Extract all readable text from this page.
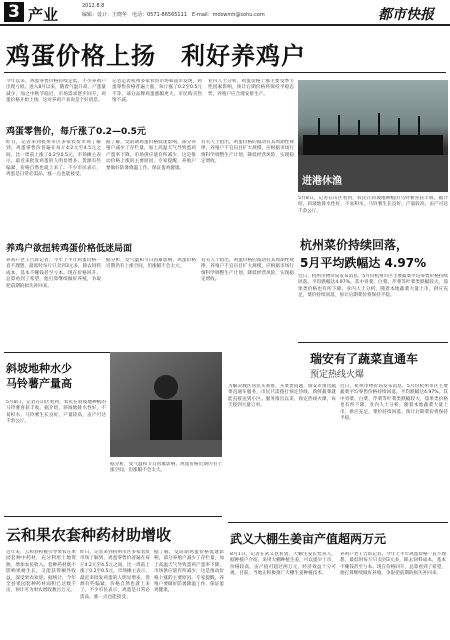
3 产业	2012.8.8
编辑：设计：王晓华　电话：0571-86565111　E-mail：mdswmh@sohu.com	都市快报
鸡蛋价格上扬　利好养鸡户
今年以来，鸡蛋零售价格持续走低，不少养鸡户出现亏损。进入8月以来，随着气温升高、产蛋量减少，加之中秋节临近，市场需求逐步回升，鸡蛋价格开始上扬，这对养鸡户来说是个好消息。
记者走访杭州多家农贸市场和超市发现，鸡蛋零售价格普遍上涨，每斤涨了0.2至0.5元不等，部分品牌鸡蛋涨幅更大，市民购买热情不减。
业内人士分析，鸡蛋价格上涨主要受季节性因素影响，预计后期价格将保持平稳态势，养殖户应合理安排生产。
鸡蛋零售价，每斤涨了0.2—0.5元
昨日，记者来到杭州市区多家农贸市场了解到，鸡蛋零售价普遍在每斤4.2元至4.5元之间，比一周前上涨了0.2至0.5元。市场摊主表示，最近来批发鸡蛋的人明显增多，货源有些偏紧，价格自然也就上来了。不少市民表示，鸡蛋是日常必需品，涨一点也能接受。
据了解，受前期鸡蛋价格低迷影响，部分养殖户减少了存栏量，加上高温天气导致蛋鸡产蛋率下降，市场供应量有所减少，这是推动价格上涨的主要原因。专家提醒，养殖户要做好防暑降温工作，保证蛋鸡健康。
有关人士指出，鸡蛋价格的波动有其周期性规律，养殖户不宜盲目扩大规模，应根据市场行情科学调整生产计划，降低经营风险，实现稳定增收。
养鸡户欲扭转鸡蛋价格低迷局面
养鸡户老王告诉记者，今年上半年鸡蛋价格一直不理想，最低时每斤只卖到3元多，除去饲料成本，基本不赚钱甚至亏本。现在价格回升，总算看到了希望，他打算继续做好养殖，争取把前期的损失补回来。
据分析，受气温和节日因素影响，鸡蛋价格近期仍有上涨空间，但涨幅不会太大。
有关人士指出，鸡蛋价格的波动有其周期性规律，养殖户不宜盲目扩大规模，应根据市场行情科学调整生产计划，降低经营风险，实现稳定增收。
进港休渔
5月8日，记者在山区看到，农民在斜坡地种植的马铃薯喜获丰收。据介绍，斜坡地排水性好，不易积水，马铃薯生长良好，产量较高，亩产可达千余公斤。
杭州菜价持续回落，
5月平均跌幅达 4.97%
近日，杭州市物价局发布消息，5月份杭州市区主要蔬菜平均零售价格持续回落，平均跌幅达4.97%。其中青菜、白菜、芹菜等叶菜类跌幅较大，茄果类价格也有所下降。业内人士分析，随着本地蔬菜大量上市，供应充足，菜价持续回落，预计后期菜价将保持平稳。
瑞安有了蔬菜直通车
预定热线火爆
为解决城区居民买菜难、买菜贵问题，瑞安市推出蔬菜直通车服务，市民只需拨打预定热线，新鲜蔬菜就能直接送到小区。服务推出以来，预定热线火爆，每天接到大量订单。
近日，杭州市物价局发布消息，5月份杭州市区主要蔬菜平均零售价格持续回落，平均跌幅达4.97%。其中青菜、白菜、芹菜等叶菜类跌幅较大，茄果类价格也有所下降。业内人士分析，随着本地蔬菜大量上市，供应充足，菜价持续回落，预计后期菜价将保持平稳。
斜坡地种水少
马铃薯产量高
5月8日，记者在山区看到，农民在斜坡地种植的马铃薯喜获丰收。据介绍，斜坡地排水性好，不易积水，马铃薯生长良好，产量较高，亩产可达千余公斤。
据分析，受气温和节日因素影响，鸡蛋价格近期仍有上涨空间，但涨幅不会太大。
云和果农套种药材助增收
近年来，云和县积极引导果农在果园套种中药材，充分利用土地资源，增加农民收入。套种药材既不影响果树生长，又能获得额外收益，深受果农欢迎。据统计，今年全县果园套种药材面积已达数千亩，预计可为果农增收数百万元。
昨日，记者来到杭州市区多家农贸市场了解到，鸡蛋零售价普遍在每斤4.2元至4.5元之间，比一周前上涨了0.2至0.5元。市场摊主表示，最近来批发鸡蛋的人明显增多，货源有些偏紧，价格自然也就上来了。不少市民表示，鸡蛋是日常必需品，涨一点也能接受。
据了解，受前期鸡蛋价格低迷影响，部分养殖户减少了存栏量，加上高温天气导致蛋鸡产蛋率下降，市场供应量有所减少，这是推动价格上涨的主要原因。专家提醒，养殖户要做好防暑降温工作，保证蛋鸡健康。
武义大棚生姜亩产值超两万元
8月1日，记者在武义县看到，大棚生姜长势喜人。据种植户介绍，采用大棚种植生姜，可以提早上市，价格较高，亩产值可超过两万元，经济效益十分可观。目前，当地正积极推广大棚生姜种植技术。
养鸡户老王告诉记者，今年上半年鸡蛋价格一直不理想，最低时每斤只卖到3元多，除去饲料成本，基本不赚钱甚至亏本。现在价格回升，总算看到了希望，他打算继续做好养殖，争取把前期的损失补回来。
